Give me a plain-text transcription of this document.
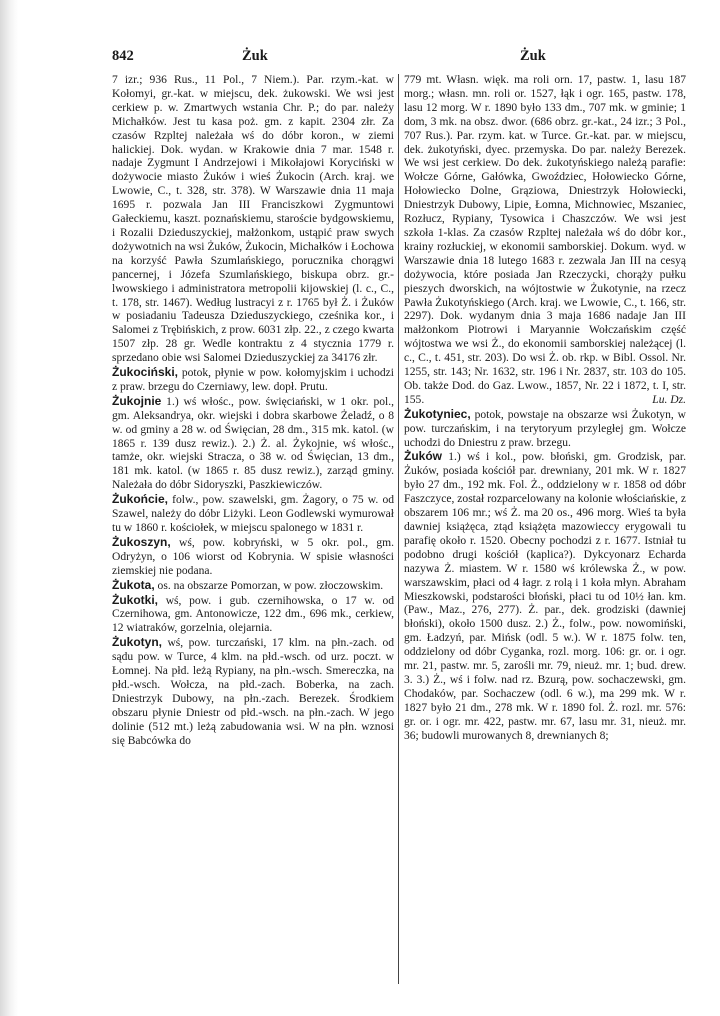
842	Żuk	Żuk

7 izr.; 936 Rus., 11 Pol., 7 Niem.). Par. rzym.-kat. w Kołomyi, gr.-kat. w miejscu, dek. żukowski. We wsi jest cerkiew p. w. Zmartwych wstania Chr. P.; do par. należy Michałków. Jest tu kasa poż. gm. z kapit. 2304 złr. Za czasów Rzpltej należała wś do dóbr koron., w ziemi halickiej. Dok. wydan. w Krakowie dnia 7 mar. 1548 r. nadaje Zygmunt I Andrzejowi i Mikołajowi Koryciński w dożywocie miasto Żuków i wieś Żukocin (Arch. kraj. we Lwowie, C., t. 328, str. 378). W Warszawie dnia 11 maja 1695 r. pozwala Jan III Franciszkowi Zygmuntowi Gałeckiemu, kaszt. poznańskiemu, staroście bydgowskiemu, i Rozalii Dzieduszyckiej, małżonkom, ustąpić praw swych dożywotnich na wsi Żuków, Żukocin, Michałków i Łochowa na korzyść Pawła Szumlańskiego, porucznika chorągwi pancernej, i Józefa Szumlańskiego, biskupa obrz. gr.-lwowskiego i administratora metropolii kijowskiej (l. c., C., t. 178, str. 1467). Według lustracyi z r. 1765 był Ż. i Żuków w posiadaniu Tadeusza Dzieduszyckiego, cześnika kor., i Salomei z Trębińskich, z prow. 6031 złp. 22., z czego kwarta 1507 złp. 28 gr. Wedle kontraktu z 4 stycznia 1779 r. sprzedano obie wsi Salomei Dzieduszyckiej za 34176 złr.

Żukociński, potok, płynie w pow. kołomyjskim i uchodzi z praw. brzegu do Czerniawy, lew. dopł. Prutu.

Żukojnie 1.) wś włośc., pow. święciański, w 1 okr. pol., gm. Aleksandrya, okr. wiejski i dobra skarbowe Żeladź, o 8 w. od gminy a 28 w. od Święcian, 28 dm., 315 mk. katol. (w 1865 r. 139 dusz rewiz.). 2.) Ż. al. Żykojnie, wś włośc., tamże, okr. wiejski Stracza, o 38 w. od Święcian, 13 dm., 181 mk. katol. (w 1865 r. 85 dusz rewiz.), zarząd gminy. Należała do dóbr Sidoryszki, Paszkiewiczów.

Żukońcie, folw., pow. szawelski, gm. Żagory, o 75 w. od Szawel, należy do dóbr Liżyki. Leon Godlewski wymurował tu w 1860 r. kościołek, w miejscu spalonego w 1831 r.

Żukoszyn, wś, pow. kobryński, w 5 okr. pol., gm. Odryżyn, o 106 wiorst od Kobrynia. W spisie własności ziemskiej nie podana.

Żukota, os. na obszarze Pomorzan, w pow. złoczowskim.

Żukotki, wś, pow. i gub. czernihowska, o 17 w. od Czernihowa, gm. Antonowicze, 122 dm., 696 mk., cerkiew, 12 wiatraków, gorzelnia, olejarnia.

Żukotyn, wś, pow. turczański, 17 klm. na płn.-zach. od sądu pow. w Turce, 4 klm. na płd.-wsch. od urz. poczt. w Łomnej. Na płd. leżą Rypiany, na płn.-wsch. Smereczka, na płd.-wsch. Wołcza, na płd.-zach. Boberka, na zach. Dniestrzyk Dubowy, na płn.-zach. Berezek. Środkiem obszaru płynie Dniestr od płd.-wsch. na płn.-zach. W jego dolinie (512 mt.) leżą zabudowania wsi. W na płn. wznosi się Babcówka do

779 mt. Własn. więk. ma roli orn. 17, pastw. 1, lasu 187 morg.; własn. mn. roli or. 1527, łąk i ogr. 165, pastw. 178, lasu 12 morg. W r. 1890 było 133 dm., 707 mk. w gminie; 1 dom, 3 mk. na obsz. dwor. (686 obrz. gr.-kat., 24 izr.; 3 Pol., 707 Rus.). Par. rzym. kat. w Turce. Gr.-kat. par. w miejscu, dek. żukotyński, dyec. przemyska. Do par. należy Berezek. We wsi jest cerkiew. Do dek. żukotyńskiego należą parafie: Wołcze Górne, Gałówka, Gwoździec, Hołowiecko Górne, Hołowiecko Dolne, Grąziowa, Dniestrzyk Hołowiecki, Dniestrzyk Dubowy, Lipie, Łomna, Michnowiec, Mszaniec, Rozłucz, Rypiany, Tysowica i Chaszczów. We wsi jest szkoła 1-klas. Za czasów Rzpltej należała wś do dóbr kor., krainy rozłuckiej, w ekonomii samborskiej. Dokum. wyd. w Warszawie dnia 18 lutego 1683 r. zezwala Jan III na cesyą dożywocia, które posiada Jan Rzeczycki, chorąży pułku pieszych dworskich, na wójtostwie w Żukotynie, na rzecz Pawła Żukotyńskiego (Arch. kraj. we Lwowie, C., t. 166, str. 2297). Dok. wydanym dnia 3 maja 1686 nadaje Jan III małżonkom Piotrowi i Maryannie Wołczańskim część wójtostwa we wsi Ż., do ekonomii samborskiej należącej (l. c., C., t. 451, str. 203). Do wsi Ż. ob. rkp. w Bibl. Ossol. Nr. 1255, str. 143; Nr. 1632, str. 196 i Nr. 2837, str. 103 do 105. Ob. także Dod. do Gaz. Lwow., 1857, Nr. 22 i 1872, t. I, str. 155.	Lu. Dz.

Żukotyniec, potok, powstaje na obszarze wsi Żukotyn, w pow. turczańskim, i na terytoryum przyległej gm. Wołcze uchodzi do Dniestru z praw. brzegu.

Żuków 1.) wś i kol., pow. błoński, gm. Grodzisk, par. Żuków, posiada kościół par. drewniany, 201 mk. W r. 1827 było 27 dm., 192 mk. Fol. Ż., oddzielony w r. 1858 od dóbr Faszczyce, został rozparcelowany na kolonie włościańskie, z obszarem 106 mr.; wś Ż. ma 20 os., 496 morg. Wieś ta była dawniej książęca, ztąd książęta mazowieccy erygowali tu parafię około r. 1520. Obecny pochodzi z r. 1677. Istniał tu podobno drugi kościół (kaplica?). Dykcyonarz Echarda nazywa Ż. miastem. W r. 1580 wś królewska Ż., w pow. warszawskim, płaci od 4 łagr. z rolą i 1 koła młyn. Abraham Mieszkowski, podstarości błoński, płaci tu od 10½ łan. km. (Paw., Maz., 276, 277). Ż. par., dek. grodziski (dawniej błoński), około 1500 dusz. 2.) Ż., folw., pow. nowomiński, gm. Ładzyń, par. Mińsk (odl. 5 w.). W r. 1875 folw. ten, oddzielony od dóbr Cyganka, rozl. morg. 106: gr. or. i ogr. mr. 21, pastw. mr. 5, zarośli mr. 79, nieuż. mr. 1; bud. drew. 3. 3.) Ż., wś i folw. nad rz. Bzurą, pow. sochaczewski, gm. Chodaków, par. Sochaczew (odl. 6 w.), ma 299 mk. W r. 1827 było 21 dm., 278 mk. W r. 1890 fol. Ż. rozl. mr. 576: gr. or. i ogr. mr. 422, pastw. mr. 67, lasu mr. 31, nieuż. mr. 36; budowli murowanych 8, drewnianych 8;
